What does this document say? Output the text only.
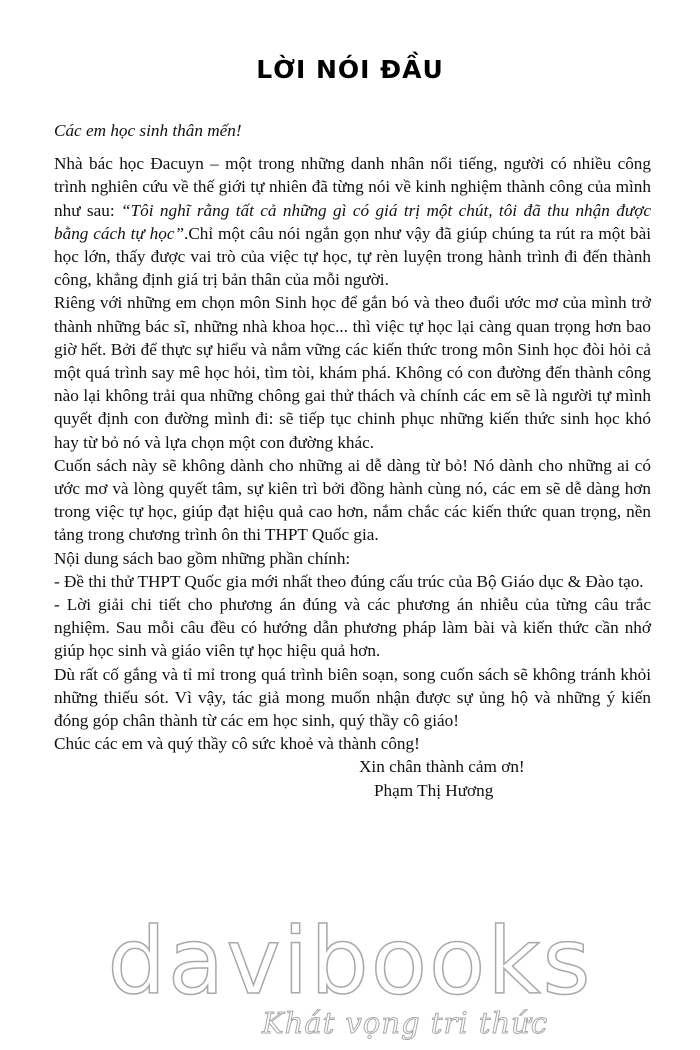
LỜI NÓI ĐẦU

Các em học sinh thân mến!

Nhà bác học Đacuyn – một trong những danh nhân nổi tiếng, người có nhiều công trình nghiên cứu về thế giới tự nhiên đã từng nói về kinh nghiệm thành công của mình như sau: “Tôi nghĩ rằng tất cả những gì có giá trị một chút, tôi đã thu nhận được bằng cách tự học”.Chỉ một câu nói ngắn gọn như vậy đã giúp chúng ta rút ra một bài học lớn, thấy được vai trò của việc tự học, tự rèn luyện trong hành trình đi đến thành công, khẳng định giá trị bản thân của mỗi người.

Riêng với những em chọn môn Sinh học để gắn bó và theo đuổi ước mơ của mình trở thành những bác sĩ, những nhà khoa học... thì việc tự học lại càng quan trọng hơn bao giờ hết. Bởi để thực sự hiểu và nắm vững các kiến thức trong môn Sinh học đòi hỏi cả một quá trình say mê học hỏi, tìm tòi, khám phá. Không có con đường đến thành công nào lại không trải qua những chông gai thử thách và chính các em sẽ là người tự mình quyết định con đường mình đi: sẽ tiếp tục chinh phục những kiến thức sinh học khó hay từ bỏ nó và lựa chọn một con đường khác.

Cuốn sách này sẽ không dành cho những ai dễ dàng từ bỏ! Nó dành cho những ai có ước mơ và lòng quyết tâm, sự kiên trì bởi đồng hành cùng nó, các em sẽ dễ dàng hơn trong việc tự học, giúp đạt hiệu quả cao hơn, nắm chắc các kiến thức quan trọng, nền tảng trong chương trình ôn thi THPT Quốc gia.

Nội dung sách bao gồm những phần chính:

- Đề thi thử THPT Quốc gia mới nhất theo đúng cấu trúc của Bộ Giáo dục & Đào tạo.

- Lời giải chi tiết cho phương án đúng và các phương án nhiễu của từng câu trắc nghiệm. Sau mỗi câu đều có hướng dẫn phương pháp làm bài và kiến thức cần nhớ giúp học sinh và giáo viên tự học hiệu quả hơn.

Dù rất cố gắng và tỉ mỉ trong quá trình biên soạn, song cuốn sách sẽ không tránh khỏi những thiếu sót. Vì vậy, tác giả mong muốn nhận được sự ủng hộ và những ý kiến đóng góp chân thành từ các em học sinh, quý thầy cô giáo!

Chúc các em và quý thầy cô sức khoẻ và thành công!

Xin chân thành cảm ơn!

Phạm Thị Hương

davibooks
Khát vọng tri thức
